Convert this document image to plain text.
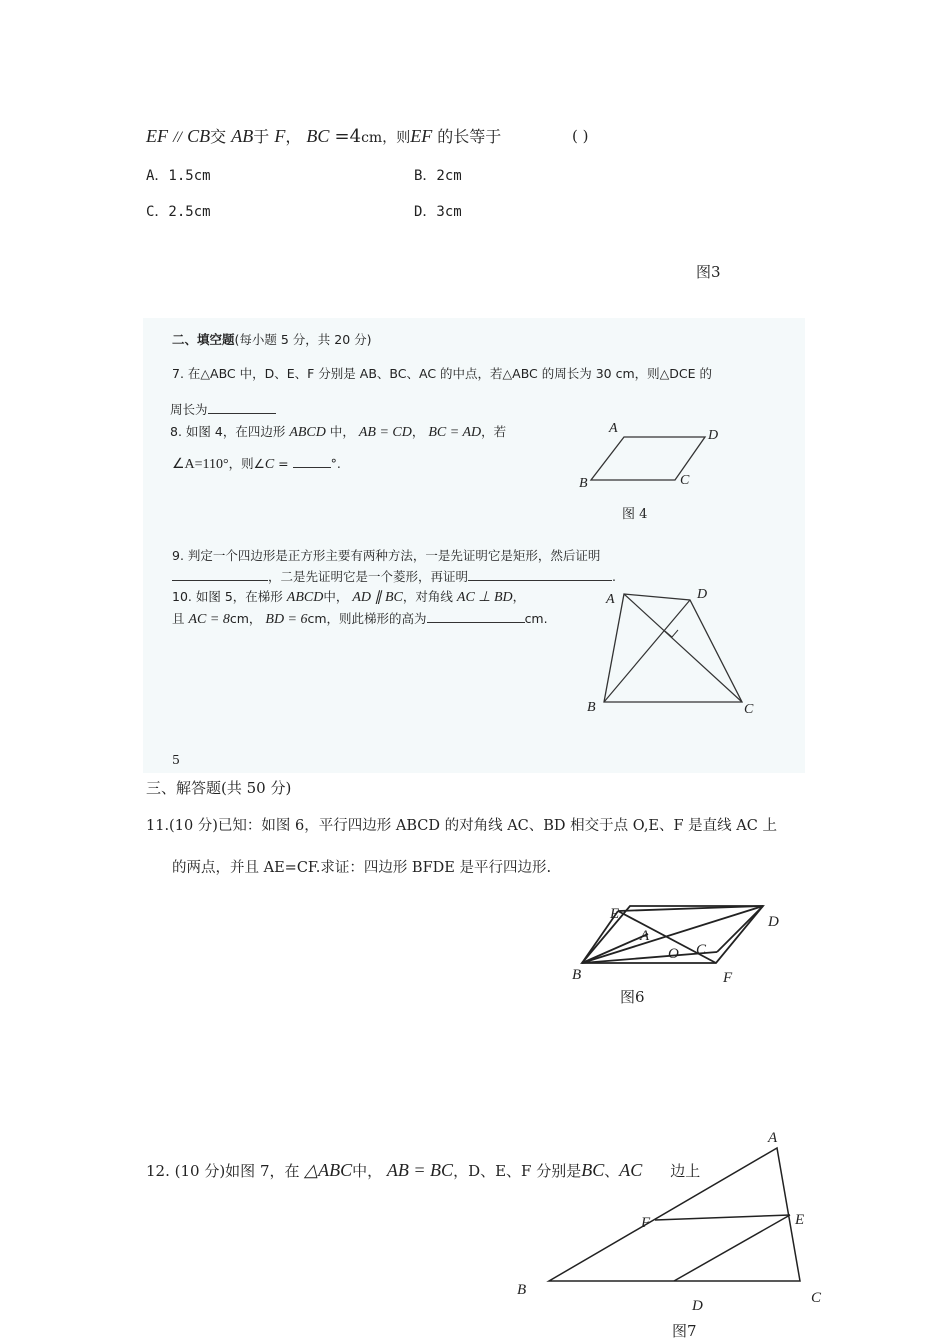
EF // CB交 AB于 F， BC =4cm，则EF 的长等于	( )
A．1.5cm	B．2cm
C．2.5cm	D．3cm
图3
二、填空题(每小题 5 分，共 20 分)
7. 在△ABC 中，D、E、F 分别是 AB、BC、AC 的中点，若△ABC 的周长为 30 cm，则△DCE 的
周长为
8. 如图 4，在四边形 ABCD 中， AB = CD， BC = AD，若
∠A=110°，则∠C =	°.
A	D
B	C
图 4
9. 判定一个四边形是正方形主要有两种方法，一是先证明它是矩形，然后证明
，二是先证明它是一个菱形，再证明	.
10. 如图 5，在梯形 ABCD中， AD ∥ BC，对角线 AC ⊥ BD，
且 AC = 8cm， BD = 6cm，则此梯形的高为	cm.
A	D
B	C
5
三、解答题(共 50 分)
11.(10 分)已知：如图 6，平行四边形 ABCD 的对角线 AC、BD 相交于点 O,E、F 是直线 AC 上
的两点，并且 AE=CF.求证：四边形 BFDE 是平行四边形.
E
A
O C
D
B	F
图6
12. (10 分)如图 7，在 △ABC中， AB = BC，D、E、F 分别是BC、AC 边上
A
F	E
B
D	C
图7
